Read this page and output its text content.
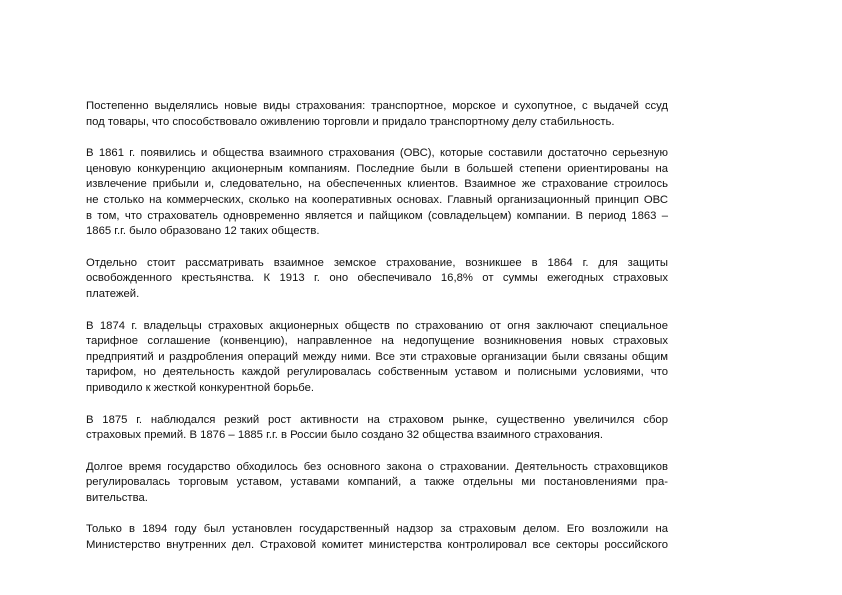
Постепенно выделялись новые виды страхования: транспортное, морское и сухопутное, с выдачей ссуд
под товары, что способствовало оживлению торговли и придало транспортному делу стабильность.

В 1861 г. появились и общества взаимного страхования (ОВС), которые составили достаточно серьезную
ценовую конкуренцию акционерным компаниям. Последние были в большей степени ориентированы на
извлечение прибыли и, следовательно, на обеспеченных клиентов. Взаимное же страхование строилось
не столько на коммерческих, сколько на кооперативных основах. Главный организационный принцип ОВС
в том, что страхователь одновременно является и пайщиком (совладельцем) компании. В период 1863 –
1865 г.г. было образовано 12 таких обществ.

Отдельно стоит рассматривать взаимное земское страхование, возникшее в 1864 г. для защиты
освобожденного крестьянства. К 1913 г. оно обеспечивало 16,8% от суммы ежегодных страховых
платежей.

В 1874 г. владельцы страховых акционерных обществ по страхованию от огня заключают специальное
тарифное соглашение (конвенцию), направленное на недопущение возникновения новых страховых
предприятий и раздробления операций между ними. Все эти страховые организации были связаны общим
тарифом, но деятельность каждой регулировалась собственным уставом и полисными условиями, что
приводило к жесткой конкурентной борьбе.

В 1875 г. наблюдался резкий рост активности на страховом рынке, существенно увеличился сбор
страховых премий. В 1876 – 1885 г.г. в России было создано 32 общества взаимного страхования.

Долгое время государство обходилось без основного закона о страховании. Деятельность страховщиков
регулировалась торговым уставом, уставами компаний, а также отдельны ми постановлениями пра-
вительства.

Только в 1894 году был установлен государственный надзор за страховым делом. Его возложили на
Министерство внутренних дел. Страховой комитет министерства контролировал все секторы российского
